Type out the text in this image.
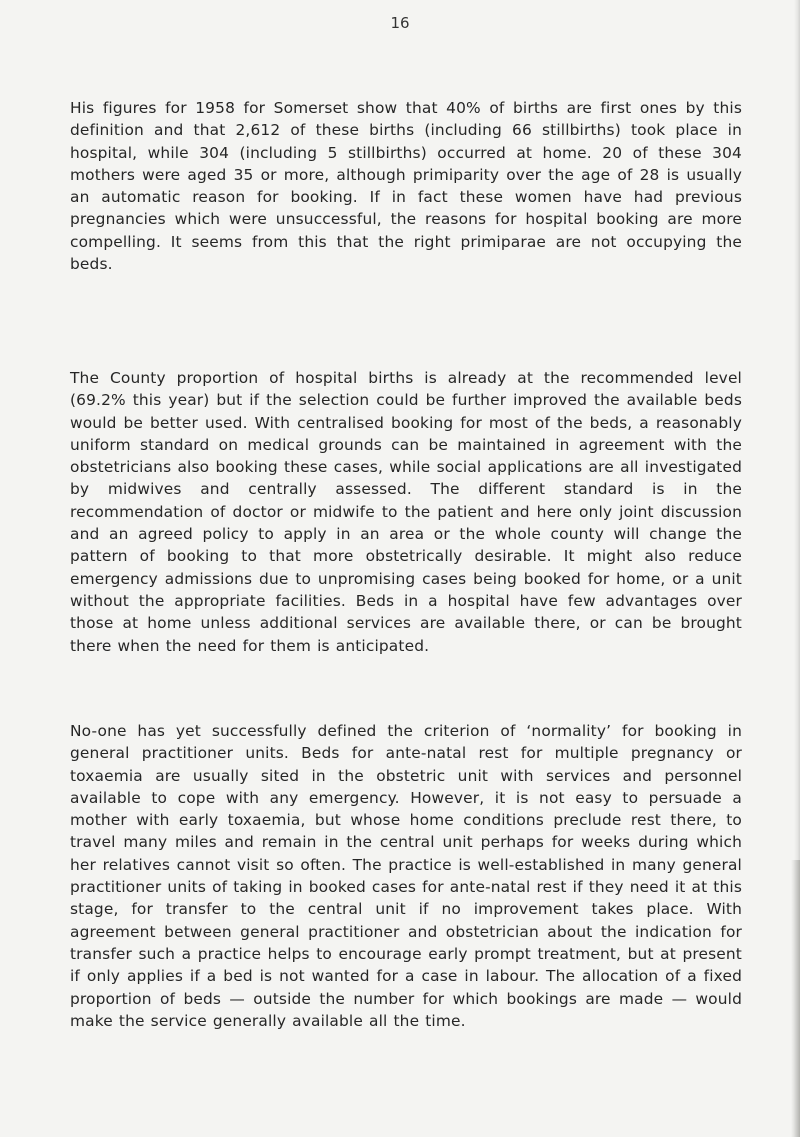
16

His figures for 1958 for Somerset show that 40% of births are first ones by this definition and that 2,612 of these births (including 66 stillbirths) took place in hospital, while 304 (including 5 stillbirths) occurred at home. 20 of these 304 mothers were aged 35 or more, although primiparity over the age of 28 is usually an automatic reason for booking. If in fact these women have had previous pregnancies which were unsuccessful, the reasons for hospital booking are more compelling. It seems from this that the right primiparae are not occupying the beds.

The County proportion of hospital births is already at the recommended level (69.2% this year) but if the selection could be further improved the available beds would be better used. With centralised booking for most of the beds, a reasonably uniform standard on medical grounds can be maintained in agreement with the obstetricians also booking these cases, while social applications are all investigated by midwives and centrally assessed. The different standard is in the recommendation of doctor or midwife to the patient and here only joint discussion and an agreed policy to apply in an area or the whole county will change the pattern of booking to that more obstetrically desirable. It might also reduce emergency admissions due to unpromising cases being booked for home, or a unit without the appropriate facilities. Beds in a hospital have few advantages over those at home unless additional services are available there, or can be brought there when the need for them is anticipated.

No-one has yet successfully defined the criterion of ‘normality’ for booking in general practitioner units. Beds for ante-natal rest for multiple pregnancy or toxaemia are usually sited in the obstetric unit with services and personnel available to cope with any emergency. However, it is not easy to persuade a mother with early toxaemia, but whose home conditions preclude rest there, to travel many miles and remain in the central unit perhaps for weeks during which her relatives cannot visit so often. The practice is well-established in many general practitioner units of taking in booked cases for ante-natal rest if they need it at this stage, for transfer to the central unit if no improvement takes place. With agreement between general practitioner and obstetrician about the indication for transfer such a practice helps to encourage early prompt treatment, but at present if only applies if a bed is not wanted for a case in labour. The allocation of a fixed proportion of beds — outside the number for which bookings are made — would make the service generally available all the time.
